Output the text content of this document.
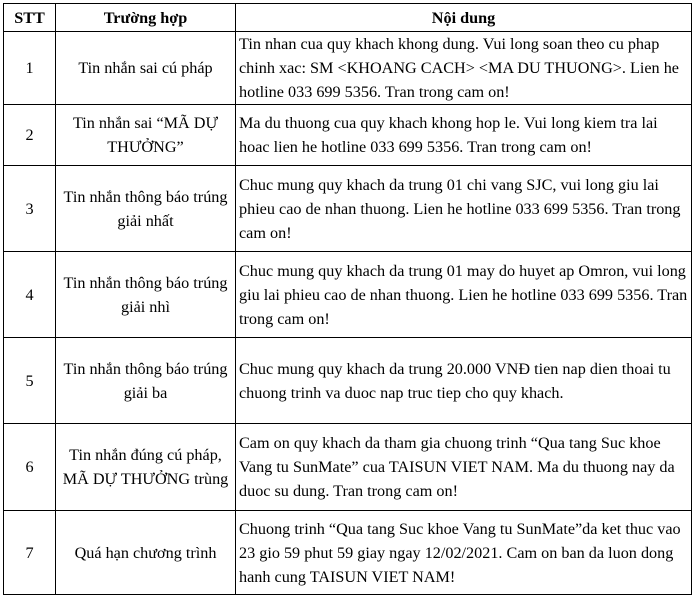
STT	Trường hợp	Nội dung
1	Tin nhắn sai cú pháp	Tin nhan cua quy khach khong dung. Vui long soan theo cu phap chinh xac: SM <KHOANG CACH> <MA DU THUONG>. Lien he hotline 033 699 5356. Tran trong cam on!
2	Tin nhắn sai “MÃ DỰ THƯỞNG”	Ma du thuong cua quy khach khong hop le. Vui long kiem tra lai hoac lien he hotline 033 699 5356. Tran trong cam on!
3	Tin nhắn thông báo trúng giải nhất	Chuc mung quy khach da trung 01 chi vang SJC, vui long giu lai phieu cao de nhan thuong. Lien he hotline 033 699 5356. Tran trong cam on!
4	Tin nhắn thông báo trúng giải nhì	Chuc mung quy khach da trung 01 may do huyet ap Omron, vui long giu lai phieu cao de nhan thuong. Lien he hotline 033 699 5356. Tran trong cam on!
5	Tin nhắn thông báo trúng giải ba	Chuc mung quy khach da trung 20.000 VNĐ tien nap dien thoai tu chuong trinh va duoc nap truc tiep cho quy khach.
6	Tin nhắn đúng cú pháp, MÃ DỰ THƯỞNG trùng	Cam on quy khach da tham gia chuong trinh “Qua tang Suc khoe Vang tu SunMate” cua TAISUN VIET NAM. Ma du thuong nay da duoc su dung. Tran trong cam on!
7	Quá hạn chương trình	Chuong trinh “Qua tang Suc khoe Vang tu SunMate”da ket thuc vao 23 gio 59 phut 59 giay ngay 12/02/2021. Cam on ban da luon dong hanh cung TAISUN VIET NAM!
